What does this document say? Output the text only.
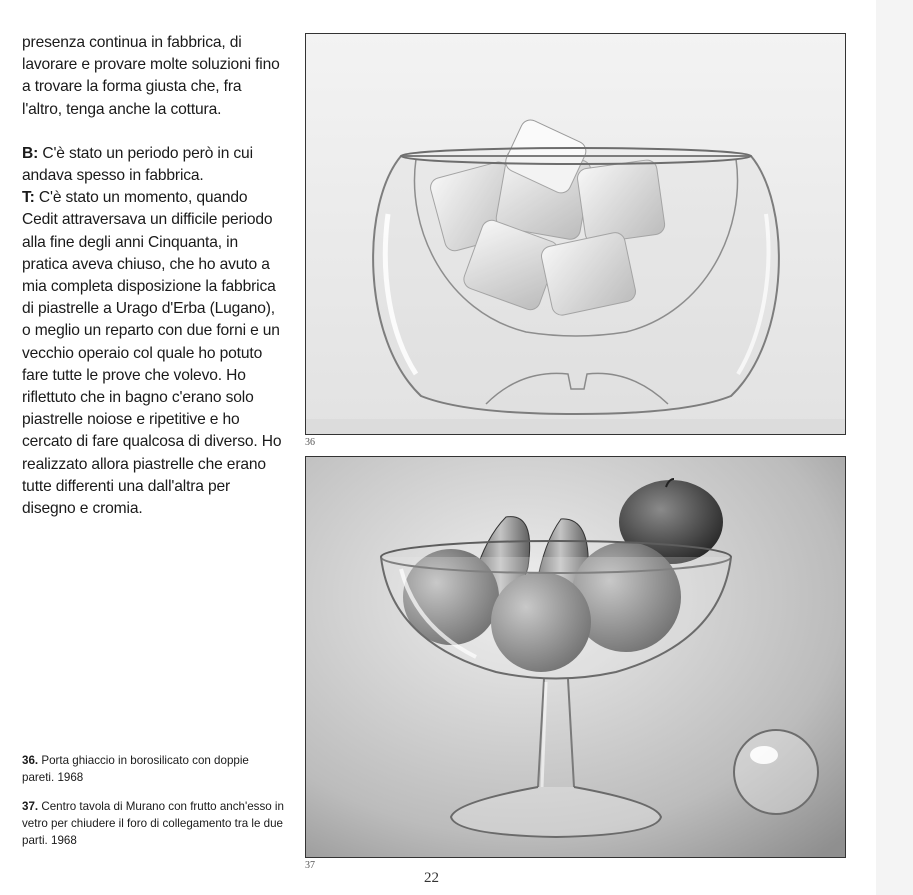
presenza continua in fabbrica, di lavorare e provare molte soluzioni fino a trovare la forma giusta che, fra l'altro, tenga anche la cottura.

B: C'è stato un periodo però in cui andava spesso in fabbrica.

T: C'è stato un momento, quando Cedit attraversava un difficile periodo alla fine degli anni Cinquanta, in pratica aveva chiuso, che ho avuto a mia completa disposizione la fabbrica di piastrelle a Urago d'Erba (Lugano), o meglio un reparto con due forni e un vecchio operaio col quale ho potuto fare tutte le prove che volevo. Ho riflettuto che in bagno c'erano solo piastrelle noiose e ripetitive e ho cercato di fare qualcosa di diverso. Ho realizzato allora piastrelle che erano tutte differenti una dall'altra per disegno e cromia.

36. Porta ghiaccio in borosilicato con doppie pareti. 1968

37. Centro tavola di Murano con frutto anch'esso in vetro per chiudere il foro di collegamento tra le due parti. 1968

36
37
22
